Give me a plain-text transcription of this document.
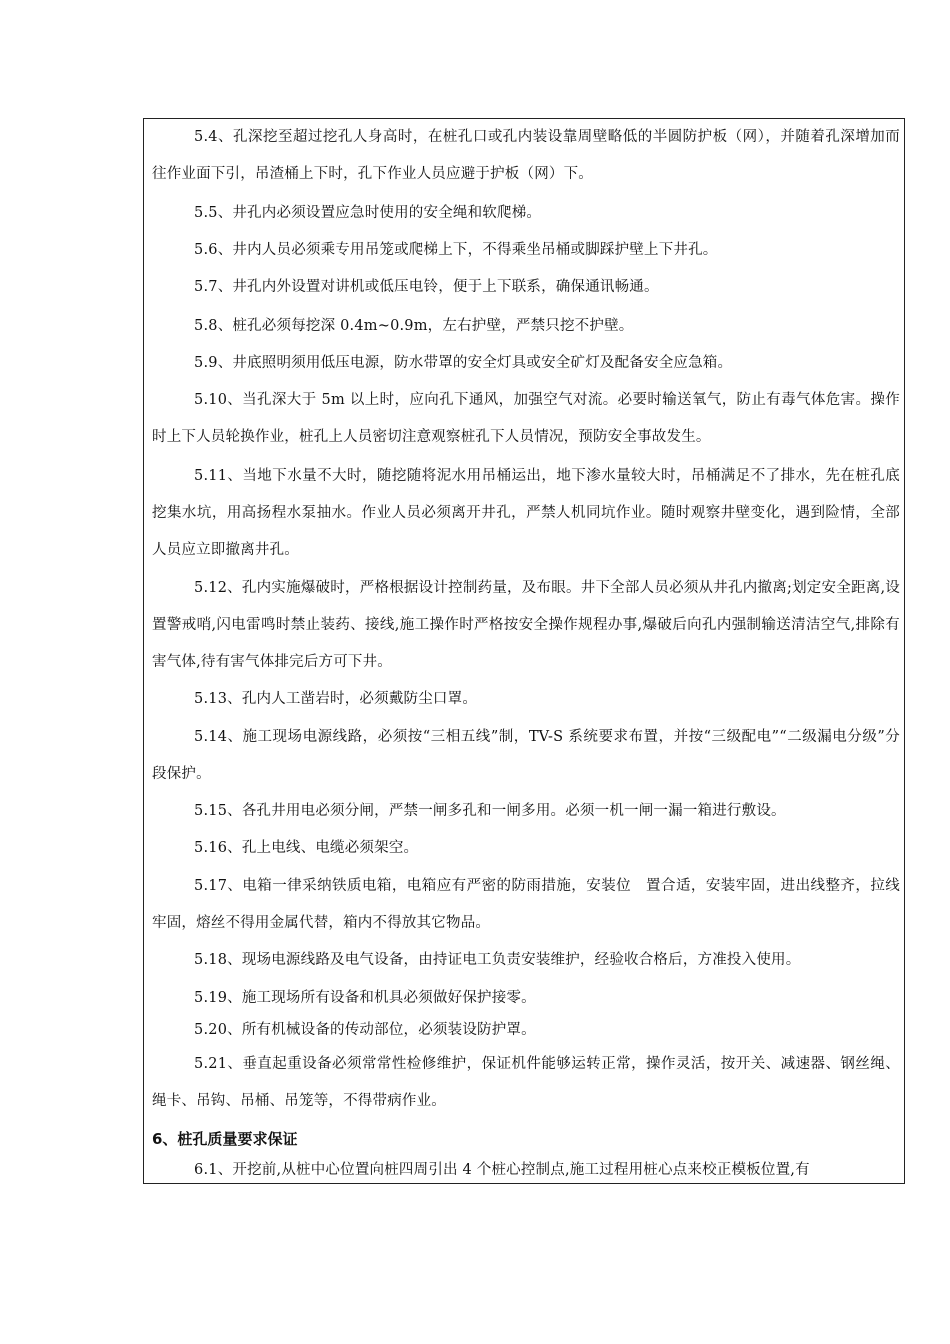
5.4、孔深挖至超过挖孔人身高时，在桩孔口或孔内装设靠周壁略低的半圆防护板（网），并随着孔深增加而往作业面下引，吊渣桶上下时，孔下作业人员应避于护板（网）下。

5.5、井孔内必须设置应急时使用的安全绳和软爬梯。

5.6、井内人员必须乘专用吊笼或爬梯上下，不得乘坐吊桶或脚踩护壁上下井孔。

5.7、井孔内外设置对讲机或低压电铃，便于上下联系，确保通讯畅通。

5.8、桩孔必须每挖深 0.4m~0.9m，左右护壁，严禁只挖不护壁。

5.9、井底照明须用低压电源，防水带罩的安全灯具或安全矿灯及配备安全应急箱。

5.10、当孔深大于 5m 以上时，应向孔下通风，加强空气对流。必要时输送氧气，防止有毒气体危害。操作时上下人员轮换作业，桩孔上人员密切注意观察桩孔下人员情况，预防安全事故发生。

5.11、当地下水量不大时，随挖随将泥水用吊桶运出，地下渗水量较大时，吊桶满足不了排水，先在桩孔底挖集水坑，用高扬程水泵抽水。作业人员必须离开井孔，严禁人机同坑作业。随时观察井壁变化，遇到险情，全部人员应立即撤离井孔。

5.12、孔内实施爆破时，严格根据设计控制药量，及布眼。井下全部人员必须从井孔内撤离;划定安全距离,设置警戒哨,闪电雷鸣时禁止装药、接线,施工操作时严格按安全操作规程办事,爆破后向孔内强制输送清洁空气,排除有害气体,待有害气体排完后方可下井。

5.13、孔内人工凿岩时，必须戴防尘口罩。

5.14、施工现场电源线路，必须按“三相五线”制，TV-S 系统要求布置，并按“三级配电”“二级漏电分级”分段保护。

5.15、各孔井用电必须分闸，严禁一闸多孔和一闸多用。必须一机一闸一漏一箱进行敷设。

5.16、孔上电线、电缆必须架空。

5.17、电箱一律采纳铁质电箱，电箱应有严密的防雨措施，安装位　置合适，安装牢固，进出线整齐，拉线牢固，熔丝不得用金属代替，箱内不得放其它物品。

5.18、现场电源线路及电气设备，由持证电工负责安装维护，经验收合格后，方准投入使用。

5.19、施工现场所有设备和机具必须做好保护接零。

5.20、所有机械设备的传动部位，必须装设防护罩。

5.21、垂直起重设备必须常常性检修维护，保证机件能够运转正常，操作灵活，按开关、减速器、钢丝绳、绳卡、吊钩、吊桶、吊笼等，不得带病作业。

6、桩孔质量要求保证

6.1、开挖前,从桩中心位置向桩四周引出 4 个桩心控制点,施工过程用桩心点来校正模板位置,有
